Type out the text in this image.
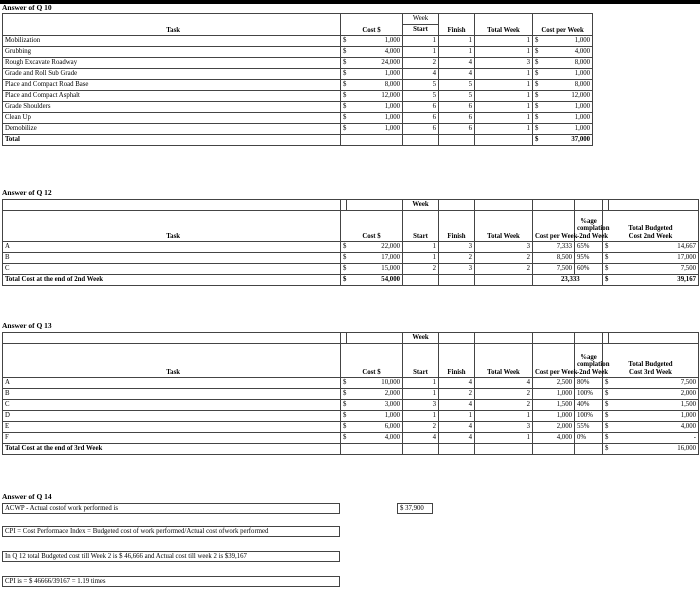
Answer of Q 10
Task	Cost $		Week	Finish	Total Week	Cost per Week	
			Start				
Mobilization	$	1,000	1	1	1	$	1,000
Grubbing	$	4,000	1	1	1	$	4,000
Rough Excavate Roadway	$	24,000	2	4	3	$	8,000
Grade and Roll Sub Grade	$	1,000	4	4	1	$	1,000
Place and Compact Road Base	$	8,000	5	5	1	$	8,000
Place and Compact Asphalt	$	12,000	5	5	1	$	12,000
Grade Shoulders	$	1,000	6	6	1	$	1,000
Clean Up	$	1,000	6	6	1	$	1,000
Demobilize	$	1,000	6	6	1	$	1,000
Total						$	37,000
Answer of Q 12
			Week						
Task	Cost $		Start	Finish	Total Week	Cost per Week	%age
complation
-2nd Week	Total Budgeted
Cost 2nd Week	
A	$	22,000	1	3	3	7,333	65%	$	14,667
B	$	17,000	1	2	2	8,500	95%	$	17,000
C	$	15,000	2	3	2	7,500	60%	$	7,500
Total Cost at the end of 2nd Week	$	54,000				23,333		$	39,167
Answer of Q 13
			Week						
Task	Cost $		Start	Finish	Total Week	Cost per Week	%age
complation
-2nd Week	Total Budgeted
Cost 3rd Week	
A	$	10,000	1	4	4	2,500	80%	$	7,500
B	$	2,000	1	2	2	1,000	100%	$	2,000
C	$	3,000	3	4	2	1,500	40%	$	1,500
D	$	1,000	1	1	1	1,000	100%	$	1,000
E	$	6,000	2	4	3	2,000	55%	$	4,000
F	$	4,000	4	4	1	4,000	0%	$	-
Total Cost at the end of 3rd Week								$	16,000
Answer of Q 14
ACWP - Actual costof work performed is	$ 37,900
CPI = Cost Performace Index = Budgeted cost of work performed/Actual cost ofwork performed
In Q 12 total Budgeted cost till Week 2 is $ 46,666 and Actual cost till week 2 is $39,167
CPI is = $ 46666/39167 = 1.19 times
